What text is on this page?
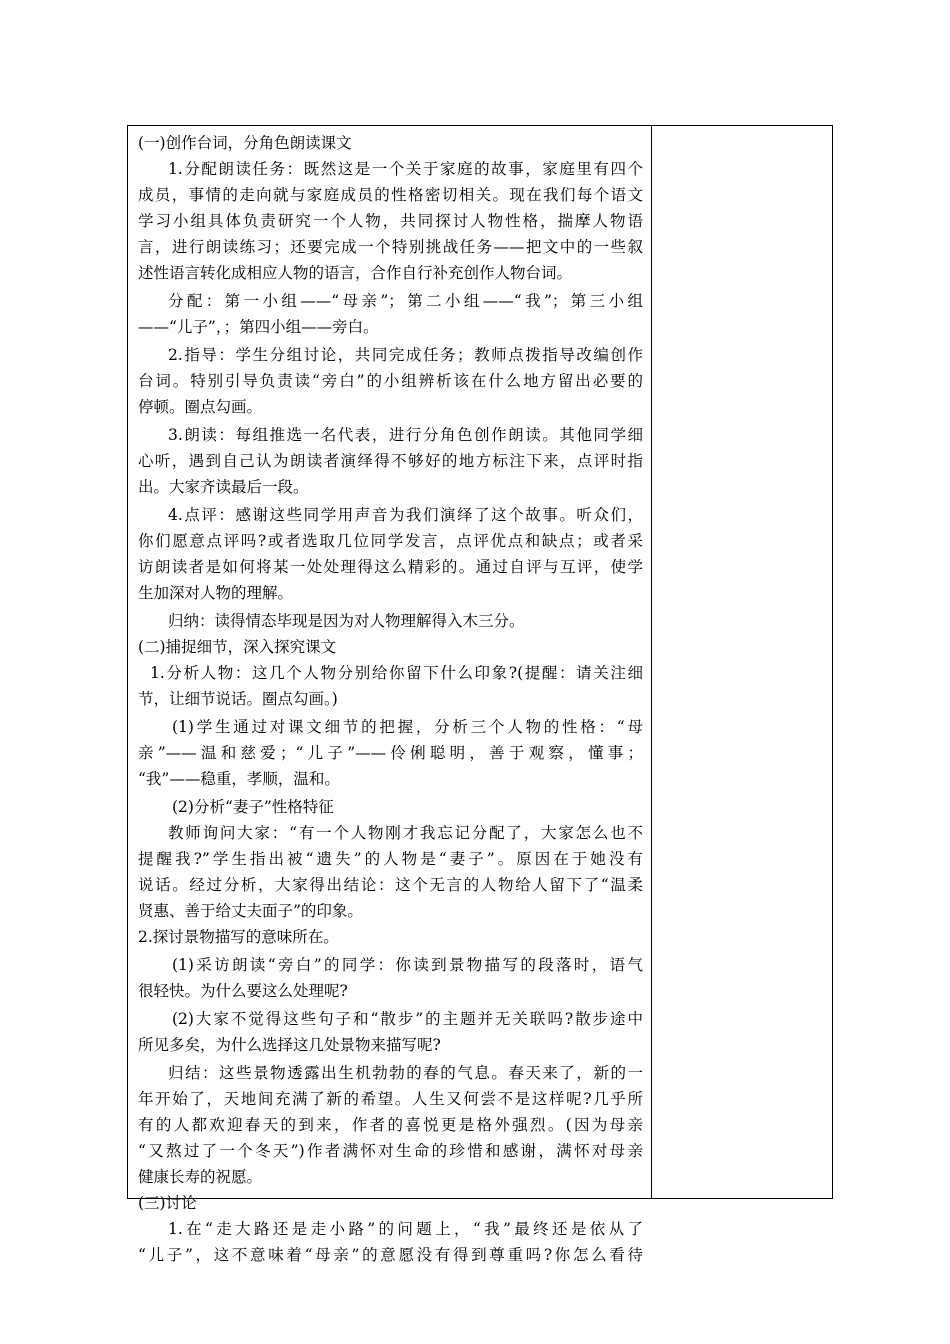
(一)创作台词，分角色朗读课文
1.分配朗读任务：既然这是一个关于家庭的故事，家庭里有四个
成员，事情的走向就与家庭成员的性格密切相关。现在我们每个语文
学习小组具体负责研究一个人物，共同探讨人物性格，揣摩人物语
言，进行朗读练习；还要完成一个特别挑战任务——把文中的一些叙
述性语言转化成相应人物的语言，合作自行补充创作人物台词。
分配：第一小组——“母亲”；第二小组——“我”；第三小组
——“儿子”，；第四小组——旁白。
2.指导：学生分组讨论，共同完成任务；教师点拨指导改编创作
台词。特别引导负责读“旁白”的小组辨析该在什么地方留出必要的
停顿。圈点勾画。
3.朗读：每组推选一名代表，进行分角色创作朗读。其他同学细
心听，遇到自己认为朗读者演绎得不够好的地方标注下来，点评时指
出。大家齐读最后一段。
4.点评：感谢这些同学用声音为我们演绎了这个故事。听众们，
你们愿意点评吗?或者选取几位同学发言，点评优点和缺点；或者采
访朗读者是如何将某一处处理得这么精彩的。通过自评与互评，使学
生加深对人物的理解。
归纳：读得情态毕现是因为对人物理解得入木三分。
(二)捕捉细节，深入探究课文
1.分析人物：这几个人物分别给你留下什么印象?(提醒：请关注细
节，让细节说话。圈点勾画。)
(1)学生通过对课文细节的把握，分析三个人物的性格：“母
亲”——温和慈爱；“儿子”——伶俐聪明，善于观察，懂事；
“我”——稳重，孝顺，温和。
(2)分析“妻子”性格特征
教师询问大家：“有一个人物刚才我忘记分配了，大家怎么也不
提醒我?”学生指出被“遗失”的人物是“妻子”。原因在于她没有
说话。经过分析，大家得出结论：这个无言的人物给人留下了“温柔
贤惠、善于给丈夫面子”的印象。
2.探讨景物描写的意味所在。
(1)采访朗读“旁白”的同学：你读到景物描写的段落时，语气
很轻快。为什么要这么处理呢?
(2)大家不觉得这些句子和“散步”的主题并无关联吗?散步途中
所见多矣，为什么选择这几处景物来描写呢?
归结：这些景物透露出生机勃勃的春的气息。春天来了，新的一
年开始了，天地间充满了新的希望。人生又何尝不是这样呢?几乎所
有的人都欢迎春天的到来，作者的喜悦更是格外强烈。(因为母亲
“又熬过了一个冬天”)作者满怀对生命的珍惜和感谢，满怀对母亲
健康长寿的祝愿。
(三)讨论
1.在“走大路还是走小路”的问题上，“我”最终还是依从了
“儿子”，这不意味着“母亲”的意愿没有得到尊重吗?你怎么看待
